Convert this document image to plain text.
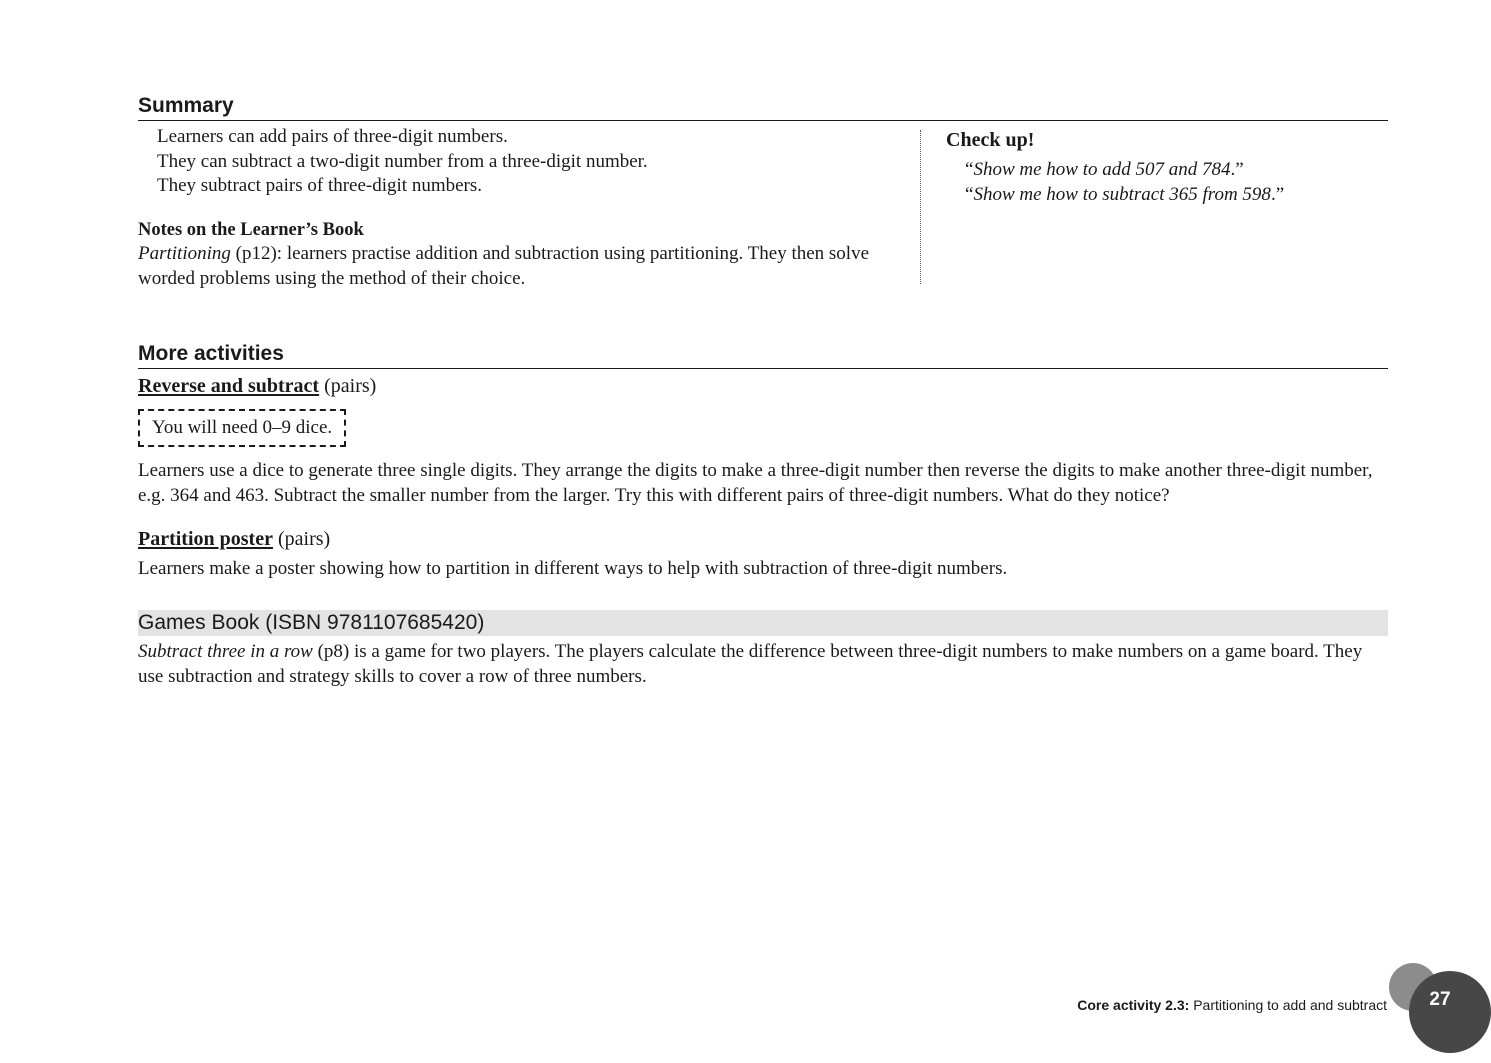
Summary
Learners can add pairs of three-digit numbers.
They can subtract a two-digit number from a three-digit number.
They subtract pairs of three-digit numbers.
Notes on the Learner’s Book
Partitioning (p12): learners practise addition and subtraction using partitioning. They then solve worded problems using the method of their choice.
Check up!
“Show me how to add 507 and 784.”
“Show me how to subtract 365 from 598.”
More activities
Reverse and subtract (pairs)
You will need 0–9 dice.
Learners use a dice to generate three single digits. They arrange the digits to make a three-digit number then reverse the digits to make another three-digit number, e.g. 364 and 463. Subtract the smaller number from the larger. Try this with different pairs of three-digit numbers. What do they notice?
Partition poster (pairs)
Learners make a poster showing how to partition in different ways to help with subtraction of three-digit numbers.
Games Book (ISBN 9781107685420)
Subtract three in a row (p8) is a game for two players. The players calculate the difference between three-digit numbers to make numbers on a game board. They use subtraction and strategy skills to cover a row of three numbers.
Core activity 2.3: Partitioning to add and subtract	27
